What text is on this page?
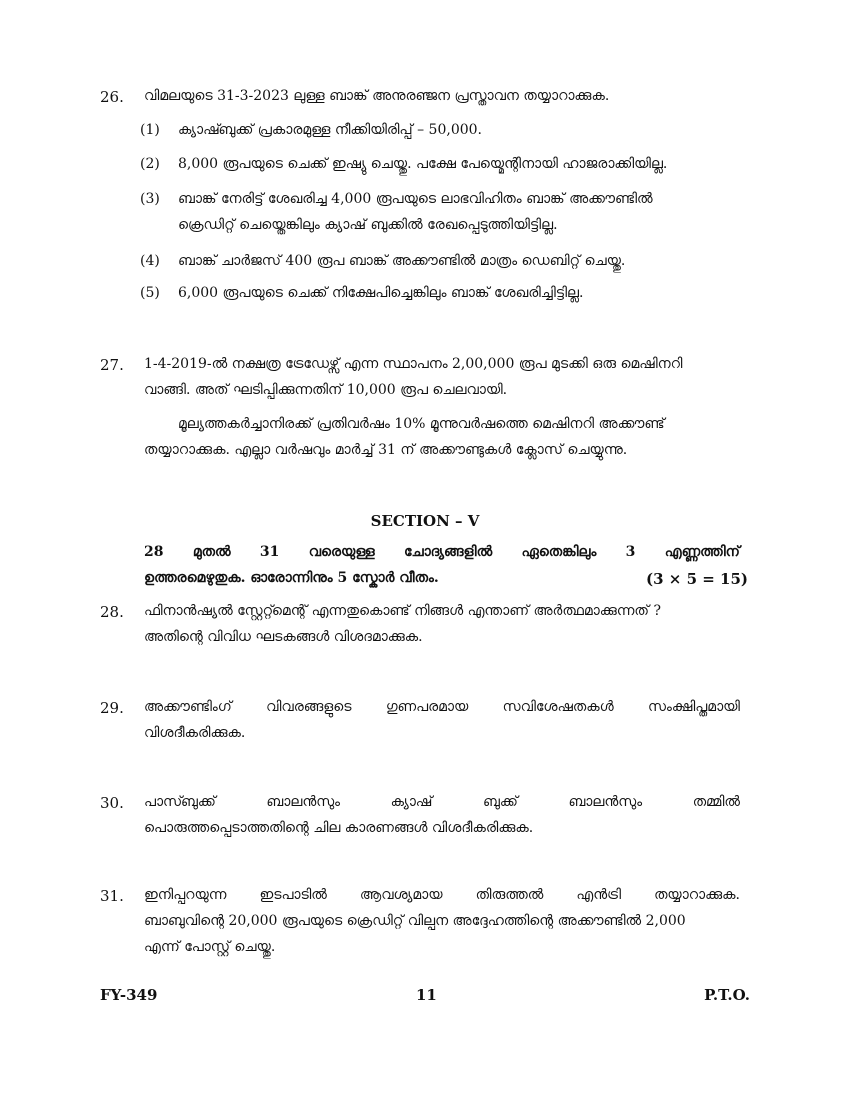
26.	വിമലയുടെ 31-3-2023 ലുള്ള ബാങ്ക് അനുരഞ്ജന പ്രസ്താവന തയ്യാറാക്കുക.
(1) ക്യാഷ്ബുക്ക് പ്രകാരമുള്ള നീക്കിയിരിപ്പ് – 50,000.
(2) 8,000 രൂപയുടെ ചെക്ക് ഇഷ്യു ചെയ്തു. പക്ഷേ പേയ്മെന്റിനായി ഹാജരാക്കിയില്ല.
(3) ബാങ്ക് നേരിട്ട് ശേഖരിച്ച 4,000 രൂപയുടെ ലാഭവിഹിതം ബാങ്ക് അക്കൗണ്ടിൽ
ക്രെഡിറ്റ് ചെയ്തെങ്കിലും ക്യാഷ് ബുക്കിൽ രേഖപ്പെടുത്തിയിട്ടില്ല.
(4) ബാങ്ക് ചാർജസ് 400 രൂപ ബാങ്ക് അക്കൗണ്ടിൽ മാത്രം ഡെബിറ്റ് ചെയ്തു.
(5) 6,000 രൂപയുടെ ചെക്ക് നിക്ഷേപിച്ചെങ്കിലും ബാങ്ക് ശേഖരിച്ചിട്ടില്ല.
27.	1-4-2019-ൽ നക്ഷത്ര ട്രേഡേഴ്സ് എന്ന സ്ഥാപനം 2,00,000 രൂപ മുടക്കി ഒരു മെഷിനറി
വാങ്ങി. അത് ഘടിപ്പിക്കുന്നതിന് 10,000 രൂപ ചെലവായി.
മൂല്യത്തകർച്ചാനിരക്ക് പ്രതിവർഷം 10% മൂന്നുവർഷത്തെ മെഷിനറി അക്കൗണ്ട്
തയ്യാറാക്കുക. എല്ലാ വർഷവും മാർച്ച് 31 ന് അക്കൗണ്ടുകൾ ക്ലോസ് ചെയ്യുന്നു.
SECTION – V
28 മുതൽ 31 വരെയുള്ള ചോദ്യങ്ങളിൽ ഏതെങ്കിലും 3 എണ്ണത്തിന്
ഉത്തരമെഴുതുക. ഓരോന്നിനും 5 സ്കോർ വീതം.	(3 × 5 = 15)
28.	ഫിനാൻഷ്യൽ സ്റ്റേറ്റ്മെന്റ് എന്നതുകൊണ്ട് നിങ്ങൾ എന്താണ് അർത്ഥമാക്കുന്നത് ?
അതിന്റെ വിവിധ ഘടകങ്ങൾ വിശദമാക്കുക.
29.	അക്കൗണ്ടിംഗ് വിവരങ്ങളുടെ ഗുണപരമായ സവിശേഷതകൾ സംക്ഷിപ്തമായി
വിശദീകരിക്കുക.
30.	പാസ്ബുക്ക്	ബാലൻസും	ക്യാഷ്	ബുക്ക്	ബാലൻസും	തമ്മിൽ
പൊരുത്തപ്പെടാത്തതിന്റെ ചില കാരണങ്ങൾ വിശദീകരിക്കുക.
31.	ഇനിപ്പറയുന്ന ഇടപാടിൽ ആവശ്യമായ തിരുത്തൽ എൻട്രി തയ്യാറാക്കുക.
ബാബുവിന്റെ 20,000 രൂപയുടെ ക്രെഡിറ്റ് വില്പന അദ്ദേഹത്തിന്റെ അക്കൗണ്ടിൽ 2,000
എന്ന് പോസ്റ്റ് ചെയ്തു.
FY-349	11	P.T.O.
